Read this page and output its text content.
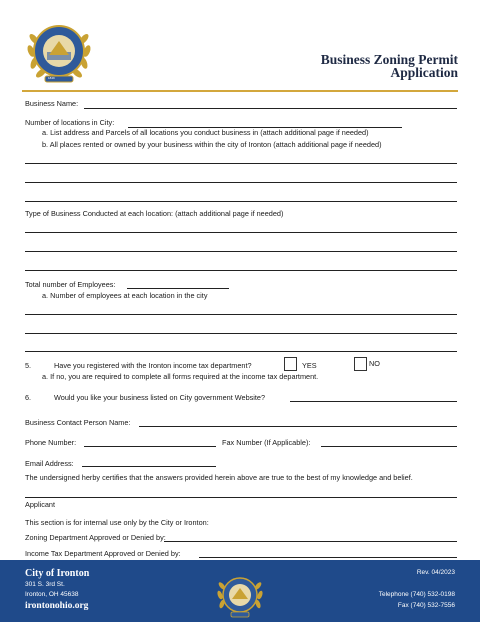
1849
Business Zoning Permit
Application
Business Name:
Number of locations in City:
a. List address and Parcels of all locations you conduct business in (attach additional page if needed)
b. All places rented or owned by your business within the city of Ironton (attach additional page if needed)
Type of Business Conducted at each location: (attach additional page if needed)
Total number of Employees:
a. Number of employees at each location in the city
5.	Have you registered with the Ironton income tax department?	YES	NO
a. If no, you are required to complete all forms required at the income tax department.
6.	Would you like your business listed on City government Website?
Business Contact Person Name:
Phone Number:	Fax Number (If Applicable):
Email Address:
The undersigned herby certifies that the answers provided herein above are true to the best of my knowledge and belief.
Applicant
This section is for internal use only by the City or Ironton:
Zoning Department Approved or Denied by:
Income Tax Department Approved or Denied by:
City of Ironton
301 S. 3rd St.
Ironton, OH 45638
irontonohio.org
Rev. 04/2023
Telephone (740) 532-0198
Fax (740) 532-7556
